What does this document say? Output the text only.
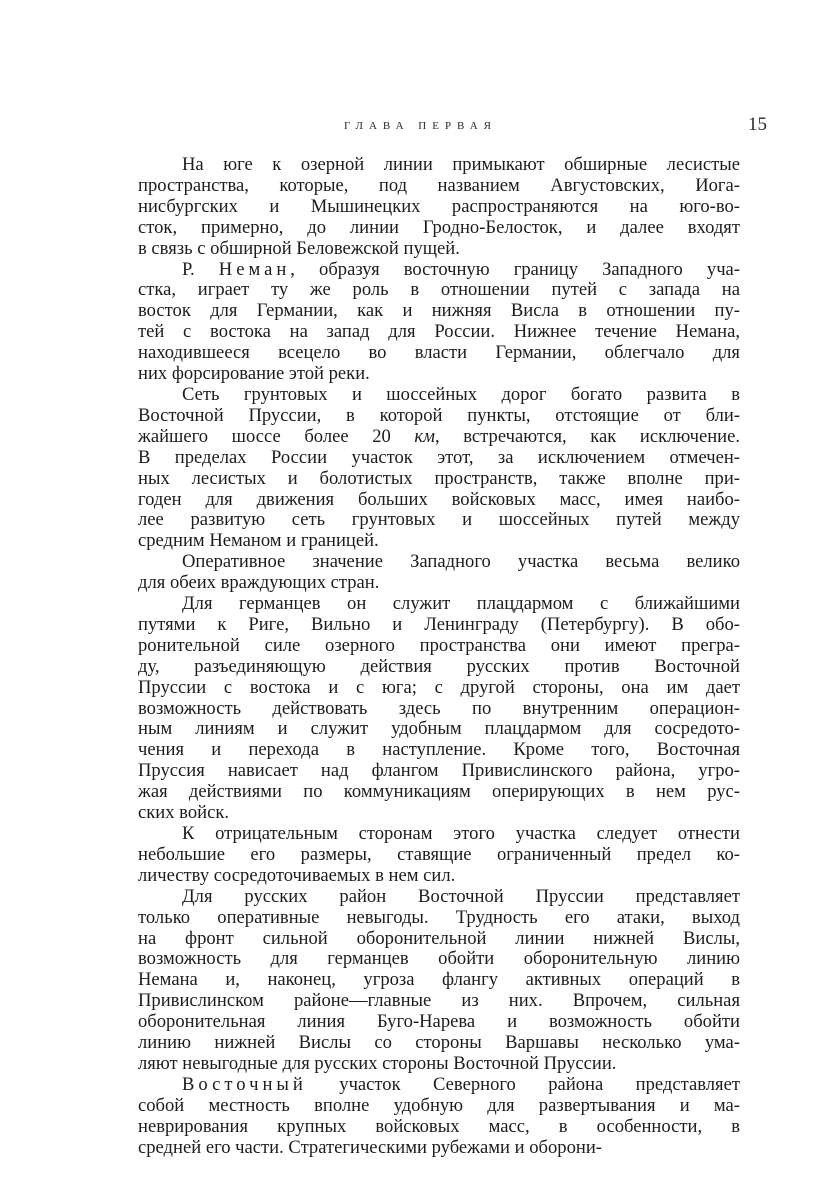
ГЛАВА ПЕРВАЯ	15
На юге к озерной линии примыкают обширные лесистые
пространства, которые, под названием Августовских, Иога-
нисбургских и Мышинецких распространяются на юго-во-
сток, примерно, до линии Гродно-Белосток, и далее входят
в связь с обширной Беловежской пущей.
Р. Неман, образуя восточную границу Западного уча-
стка, играет ту же роль в отношении путей с запада на
восток для Германии, как и нижняя Висла в отношении пу-
тей с востока на запад для России. Нижнее течение Немана,
находившееся всецело во власти Германии, облегчало для
них форсирование этой реки.
Сеть грунтовых и шоссейных дорог богато развита в
Восточной Пруссии, в которой пункты, отстоящие от бли-
жайшего шоссе более 20 км, встречаются, как исключение.
В пределах России участок этот, за исключением отмечен-
ных лесистых и болотистых пространств, также вполне при-
годен для движения больших войсковых масс, имея наибо-
лее развитую сеть грунтовых и шоссейных путей между
средним Неманом и границей.
Оперативное значение Западного участка весьма велико
для обеих враждующих стран.
Для германцев он служит плацдармом с ближайшими
путями к Риге, Вильно и Ленинграду (Петербургу). В обо-
ронительной силе озерного пространства они имеют прегра-
ду, разъединяющую действия русских против Восточной
Пруссии с востока и с юга; с другой стороны, она им дает
возможность действовать здесь по внутренним операцион-
ным линиям и служит удобным плацдармом для сосредото-
чения и перехода в наступление. Кроме того, Восточная
Пруссия нависает над флангом Привислинского района, угро-
жая действиями по коммуникациям оперирующих в нем рус-
ских войск.
К отрицательным сторонам этого участка следует отнести
небольшие его размеры, ставящие ограниченный предел ко-
личеству сосредоточиваемых в нем сил.
Для русских район Восточной Пруссии представляет
только оперативные невыгоды. Трудность его атаки, выход
на фронт сильной оборонительной линии нижней Вислы,
возможность для германцев обойти оборонительную линию
Немана и, наконец, угроза флангу активных операций в
Привислинском районе—главные из них. Впрочем, сильная
оборонительная линия Буго-Нарева и возможность обойти
линию нижней Вислы со стороны Варшавы несколько ума-
ляют невыгодные для русских стороны Восточной Пруссии.
Восточный участок Северного района представляет
собой местность вполне удобную для развертывания и ма-
неврирования крупных войсковых масс, в особенности, в
средней его части. Стратегическими рубежами и оборони-
